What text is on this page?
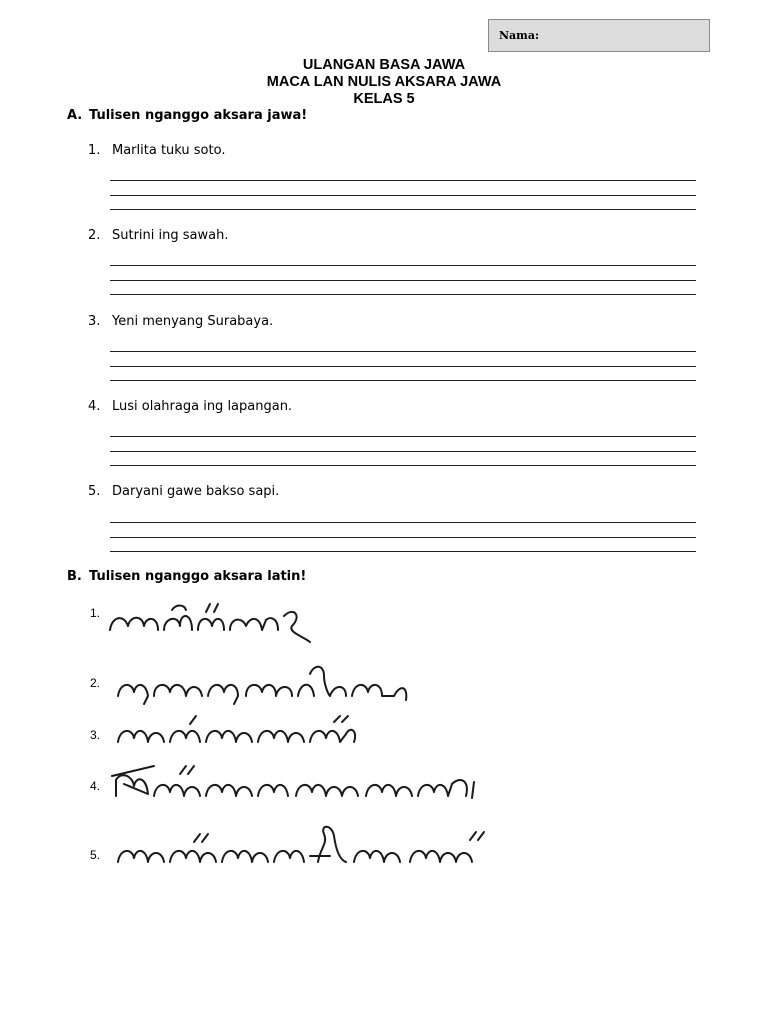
Nama:
ULANGAN BASA JAWA
MACA LAN NULIS AKSARA JAWA
KELAS 5
A. Tulisen nganggo aksara jawa!
1. Marlita tuku soto.
2. Sutrini ing sawah.
3. Yeni menyang Surabaya.
4. Lusi olahraga ing lapangan.
5. Daryani gawe bakso sapi.
B. Tulisen nganggo aksara latin!
1.
2.
3.
4.
5.
